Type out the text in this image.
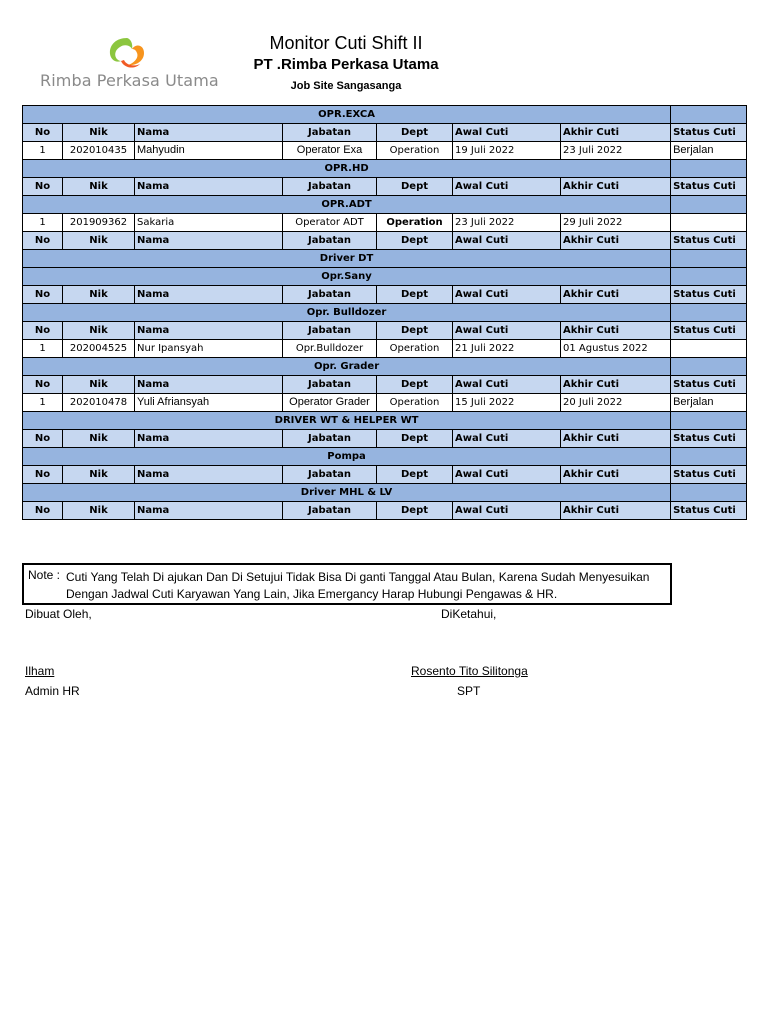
Rimba Perkasa Utama
Monitor Cuti Shift II
PT .Rimba Perkasa Utama
Job Site Sangasanga
OPR.EXCA							
No	Nik	Nama	Jabatan	Dept	Awal Cuti	Akhir Cuti	Status Cuti
1	202010435	Mahyudin	Operator Exa	Operation	19 Juli 2022	23 Juli 2022	Berjalan
OPR.HD							
No	Nik	Nama	Jabatan	Dept	Awal Cuti	Akhir Cuti	Status Cuti
OPR.ADT							
1	201909362	Sakaria	Operator ADT	Operation	23 Juli 2022	29 Juli 2022	
No	Nik	Nama	Jabatan	Dept	Awal Cuti	Akhir Cuti	Status Cuti
Driver DT							
Opr.Sany							
No	Nik	Nama	Jabatan	Dept	Awal Cuti	Akhir Cuti	Status Cuti
Opr. Bulldozer							
No	Nik	Nama	Jabatan	Dept	Awal Cuti	Akhir Cuti	Status Cuti
1	202004525	Nur Ipansyah	Opr.Bulldozer	Operation	21 Juli 2022	01 Agustus 2022	
Opr. Grader							
No	Nik	Nama	Jabatan	Dept	Awal Cuti	Akhir Cuti	Status Cuti
1	202010478	Yuli Afriansyah	Operator Grader	Operation	15 Juli 2022	20 Juli 2022	Berjalan
DRIVER WT & HELPER WT							
No	Nik	Nama	Jabatan	Dept	Awal Cuti	Akhir Cuti	Status Cuti
Pompa							
No	Nik	Nama	Jabatan	Dept	Awal Cuti	Akhir Cuti	Status Cuti
Driver MHL & LV							
No	Nik	Nama	Jabatan	Dept	Awal Cuti	Akhir Cuti	Status Cuti
Note : Cuti Yang Telah Di ajukan Dan Di Setujui Tidak Bisa Di ganti Tanggal Atau Bulan, Karena Sudah Menyesuikan
Dengan Jadwal Cuti Karyawan Yang Lain, Jika Emergancy Harap Hubungi Pengawas & HR.
Dibuat Oleh,	DiKetahui,
Ilham	Rosento Tito Silitonga
Admin HR	SPT
